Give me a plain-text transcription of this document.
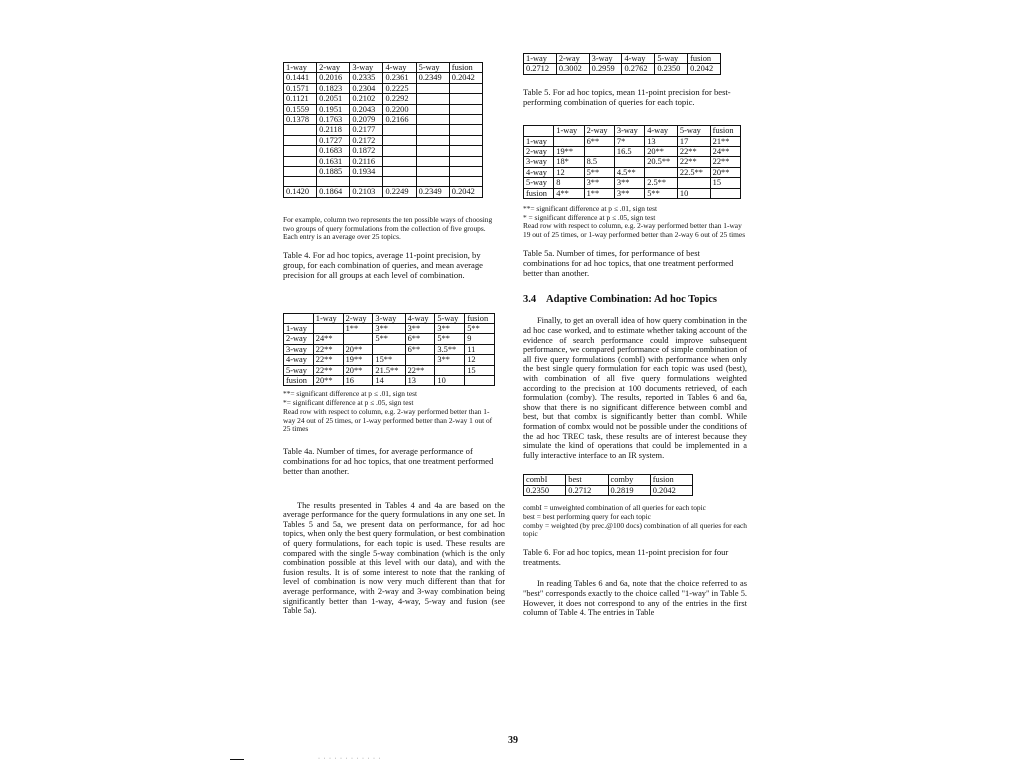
1-way	2-way	3-way	4-way	5-way	fusion
0.1441	0.2016	0.2335	0.2361	0.2349	0.2042
0.1571	0.1823	0.2304	0.2225		
0.1121	0.2051	0.2102	0.2292		
0.1559	0.1951	0.2043	0.2200		
0.1378	0.1763	0.2079	0.2166		
	0.2118	0.2177			
	0.1727	0.2172			
	0.1683	0.1872			
	0.1631	0.2116			
	0.1885	0.1934			

0.1420	0.1864	0.2103	0.2249	0.2349	0.2042

For example, column two represents the ten possible ways of choosing two groups of query formulations from the collection of five groups. Each entry is an average over 25 topics.

Table 4. For ad hoc topics, average 11-point precision, by group, for each combination of queries, and mean average precision for all groups at each level of combination.

	1-way	2-way	3-way	4-way	5-way	fusion
1-way		1**	3**	3**	3**	5**
2-way	24**		5**	6**	5**	9
3-way	22**	20**		6**	3.5**	11
4-way	22**	19**	15**		3**	12
5-way	22**	20**	21.5**	22**		15
fusion	20**	16	14	13	10	
**= significant difference at p ≤ .01, sign test
*= significant difference at p ≤ .05, sign test
Read row with respect to column, e.g. 2-way performed better than 1-way 24 out of 25 times, or 1-way performed better than 2-way 1 out of 25 times

Table 4a. Number of times, for average performance of combinations for ad hoc topics, that one treatment performed better than another.

The results presented in Tables 4 and 4a are based on the average performance for the query formulations in any one set. In Tables 5 and 5a, we present data on performance, for ad hoc topics, when only the best query formulation, or best combination of query formulations, for each topic is used. These results are compared with the single 5-way combination (which is the only combination possible at this level with our data), and with the fusion results. It is of some interest to note that the ranking of level of combination is now very much different than that for average performance, with 2-way and 3-way combination being significantly better than 1-way, 4-way, 5-way and fusion (see Table 5a).

1-way	2-way	3-way	4-way	5-way	fusion
0.2712	0.3002	0.2959	0.2762	0.2350	0.2042

Table 5. For ad hoc topics, mean 11-point precision for best-performing combination of queries for each topic.

	1-way	2-way	3-way	4-way	5-way	fusion
1-way		6**	7*	13	17	21**
2-way	19**		16.5	20**	22**	24**
3-way	18*	8.5		20.5**	22**	22**
4-way	12	5**	4.5**		22.5**	20**
5-way	8	3**	3**	2.5**		15
fusion	4**	1**	3**	5**	10	
**= significant difference at p ≤ .01, sign test
* = significant difference at p ≤ .05, sign test
Read row with respect to column, e.g. 2-way performed better than 1-way 19 out of 25 times, or 1-way performed better than 2-way 6 out of 25 times

Table 5a. Number of times, for performance of best combinations for ad hoc topics, that one treatment performed better than another.

3.4 Adaptive Combination: Ad hoc Topics

Finally, to get an overall idea of how query combination in the ad hoc case worked, and to estimate whether taking account of the evidence of search performance could improve subsequent performance, we compared performance of simple combination of all five query formulations (combI) with performance when only the best single query formulation for each topic was used (best), with combination of all five query formulations weighted according to the precision at 100 documents retrieved, of each formulation (comby). The results, reported in Tables 6 and 6a, show that there is no significant difference between combI and best, but that combx is significantly better than combI. While formation of combx would not be possible under the conditions of the ad hoc TREC task, these results are of interest because they simulate the kind of operations that could be implemented in a fully interactive interface to an IR system.

combI	best	comby	fusion
0.2350	0.2712	0.2819	0.2042
combI = unweighted combination of all queries for each topic
best = best performing query for each topic
comby = weighted (by prec.@100 docs) combination of all queries for each topic

Table 6. For ad hoc topics, mean 11-point precision for four treatments.

In reading Tables 6 and 6a, note that the choice referred to as "best" corresponds exactly to the choice called "1-way" in Table 5. However, it does not correspond to any of the entries in the first column of Table 4. The entries in Table

39
· · · · · · · · · · · ·
